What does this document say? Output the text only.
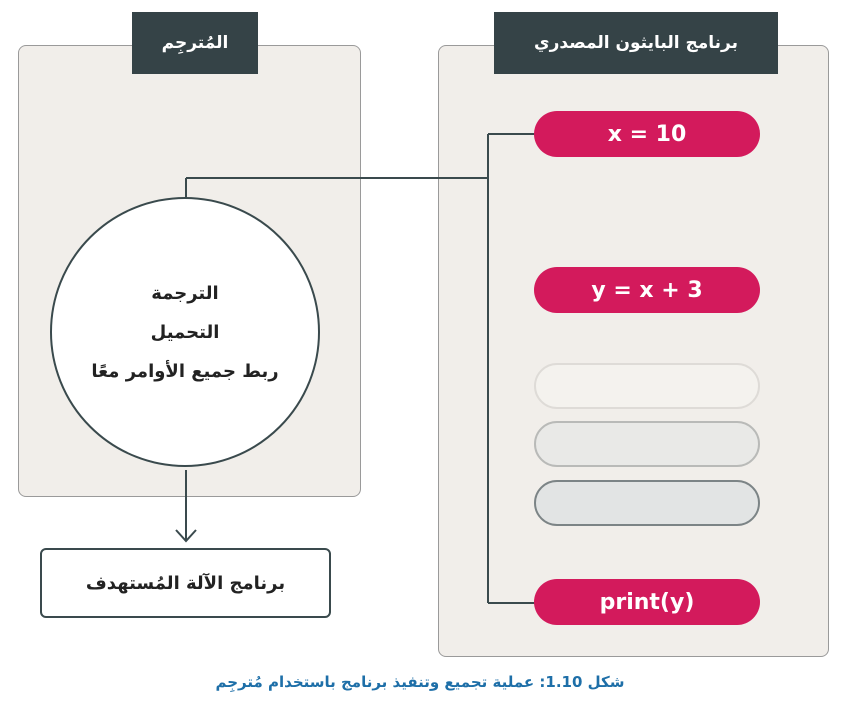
المُترجِم	برنامج البايثون المصدري
الترجمة
التحميل
ربط جميع الأوامر معًا
برنامج الآلة المُستهدف
x = 10
y = x + 3
print(y)
شكل 1.10: عملية تجميع وتنفيذ برنامج باستخدام مُترجِم
